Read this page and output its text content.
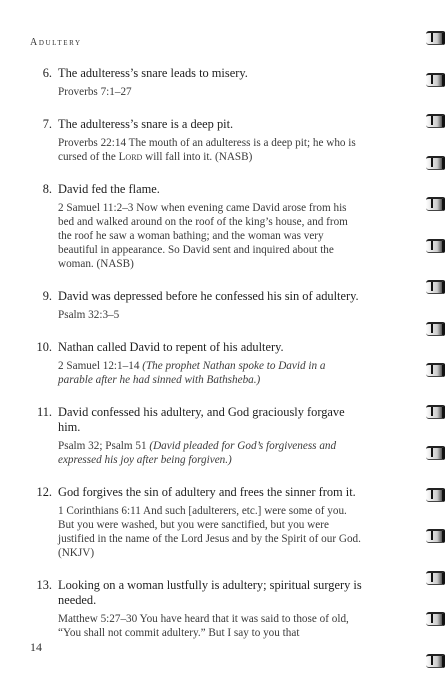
Adultery
6. The adulteress’s snare leads to misery.
Proverbs 7:1–27
7. The adulteress’s snare is a deep pit.
Proverbs 22:14 The mouth of an adulteress is a deep pit; he who is cursed of the Lord will fall into it. (NASB)
8. David fed the flame.
2 Samuel 11:2–3 Now when evening came David arose from his bed and walked around on the roof of the king’s house, and from the roof he saw a woman bathing; and the woman was very beautiful in appearance. So David sent and inquired about the woman. (NASB)
9. David was depressed before he confessed his sin of adultery.
Psalm 32:3–5
10. Nathan called David to repent of his adultery.
2 Samuel 12:1–14 (The prophet Nathan spoke to David in a parable after he had sinned with Bathsheba.)
11. David confessed his adultery, and God graciously forgave him.
Psalm 32; Psalm 51 (David pleaded for God’s forgiveness and expressed his joy after being forgiven.)
12. God forgives the sin of adultery and frees the sinner from it.
1 Corinthians 6:11 And such [adulterers, etc.] were some of you. But you were washed, but you were sanctified, but you were justified in the name of the Lord Jesus and by the Spirit of our God. (NKJV)
13. Looking on a woman lustfully is adultery; spiritual surgery is needed.
Matthew 5:27–30 You have heard that it was said to those of old, “You shall not commit adultery.” But I say to you that
14
